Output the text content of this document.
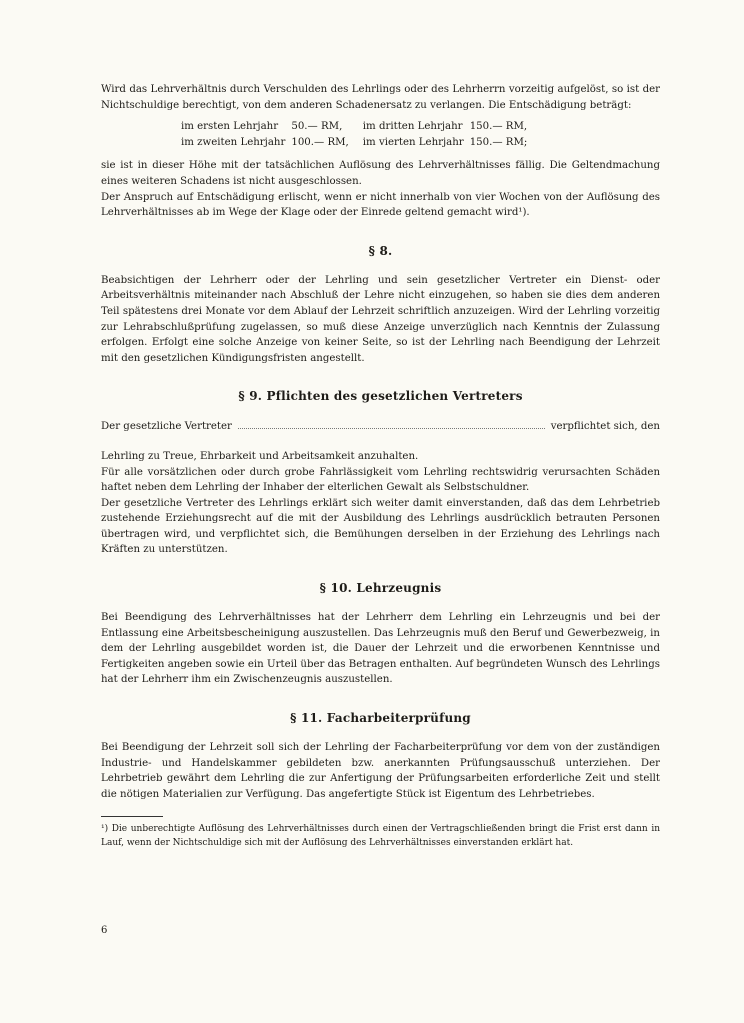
Wird das Lehrverhältnis durch Verschulden des Lehrlings oder des Lehrherrn vorzeitig aufgelöst, so ist der Nichtschuldige berechtigt, von dem anderen Schadenersatz zu verlangen. Die Entschädigung beträgt:

im ersten Lehrjahr	50.— RM,	im dritten Lehrjahr	150.— RM,
im zweiten Lehrjahr	100.— RM,	im vierten Lehrjahr	150.— RM;

sie ist in dieser Höhe mit der tatsächlichen Auflösung des Lehrverhältnisses fällig. Die Geltendmachung eines weiteren Schadens ist nicht ausgeschlossen.

Der Anspruch auf Entschädigung erlischt, wenn er nicht innerhalb von vier Wochen von der Auflösung des Lehrverhältnisses ab im Wege der Klage oder der Einrede geltend gemacht wird¹).

§ 8.

Beabsichtigen der Lehrherr oder der Lehrling und sein gesetzlicher Vertreter ein Dienst- oder Arbeitsverhältnis miteinander nach Abschluß der Lehre nicht einzugehen, so haben sie dies dem anderen Teil spätestens drei Monate vor dem Ablauf der Lehrzeit schriftlich anzuzeigen. Wird der Lehrling vorzeitig zur Lehrabschlußprüfung zugelassen, so muß diese Anzeige unverzüglich nach Kenntnis der Zulassung erfolgen. Erfolgt eine solche Anzeige von keiner Seite, so ist der Lehrling nach Beendigung der Lehrzeit mit den gesetzlichen Kündigungsfristen angestellt.

§ 9. Pflichten des gesetzlichen Vertreters
Der gesetzliche Vertreter	verpflichtet sich, den

Lehrling zu Treue, Ehrbarkeit und Arbeitsamkeit anzuhalten.

Für alle vorsätzlichen oder durch grobe Fahrlässigkeit vom Lehrling rechtswidrig verursachten Schäden haftet neben dem Lehrling der Inhaber der elterlichen Gewalt als Selbstschuldner.

Der gesetzliche Vertreter des Lehrlings erklärt sich weiter damit einverstanden, daß das dem Lehrbetrieb zustehende Erziehungsrecht auf die mit der Ausbildung des Lehrlings ausdrücklich betrauten Personen übertragen wird, und verpflichtet sich, die Bemühungen derselben in der Erziehung des Lehrlings nach Kräften zu unterstützen.

§ 10. Lehrzeugnis

Bei Beendigung des Lehrverhältnisses hat der Lehrherr dem Lehrling ein Lehrzeugnis und bei der Entlassung eine Arbeitsbescheinigung auszustellen. Das Lehrzeugnis muß den Beruf und Gewerbezweig, in dem der Lehrling ausgebildet worden ist, die Dauer der Lehrzeit und die erworbenen Kenntnisse und Fertigkeiten angeben sowie ein Urteil über das Betragen enthalten. Auf begründeten Wunsch des Lehrlings hat der Lehrherr ihm ein Zwischenzeugnis auszustellen.

§ 11. Facharbeiterprüfung

Bei Beendigung der Lehrzeit soll sich der Lehrling der Facharbeiterprüfung vor dem von der zuständigen Industrie- und Handelskammer gebildeten bzw. anerkannten Prüfungsausschuß unterziehen. Der Lehrbetrieb gewährt dem Lehrling die zur Anfertigung der Prüfungsarbeiten erforderliche Zeit und stellt die nötigen Materialien zur Verfügung. Das angefertigte Stück ist Eigentum des Lehrbetriebes.

¹) Die unberechtigte Auflösung des Lehrverhältnisses durch einen der Vertragschließenden bringt die Frist erst dann in Lauf, wenn der Nichtschuldige sich mit der Auflösung des Lehrverhältnisses einverstanden erklärt hat.

6
